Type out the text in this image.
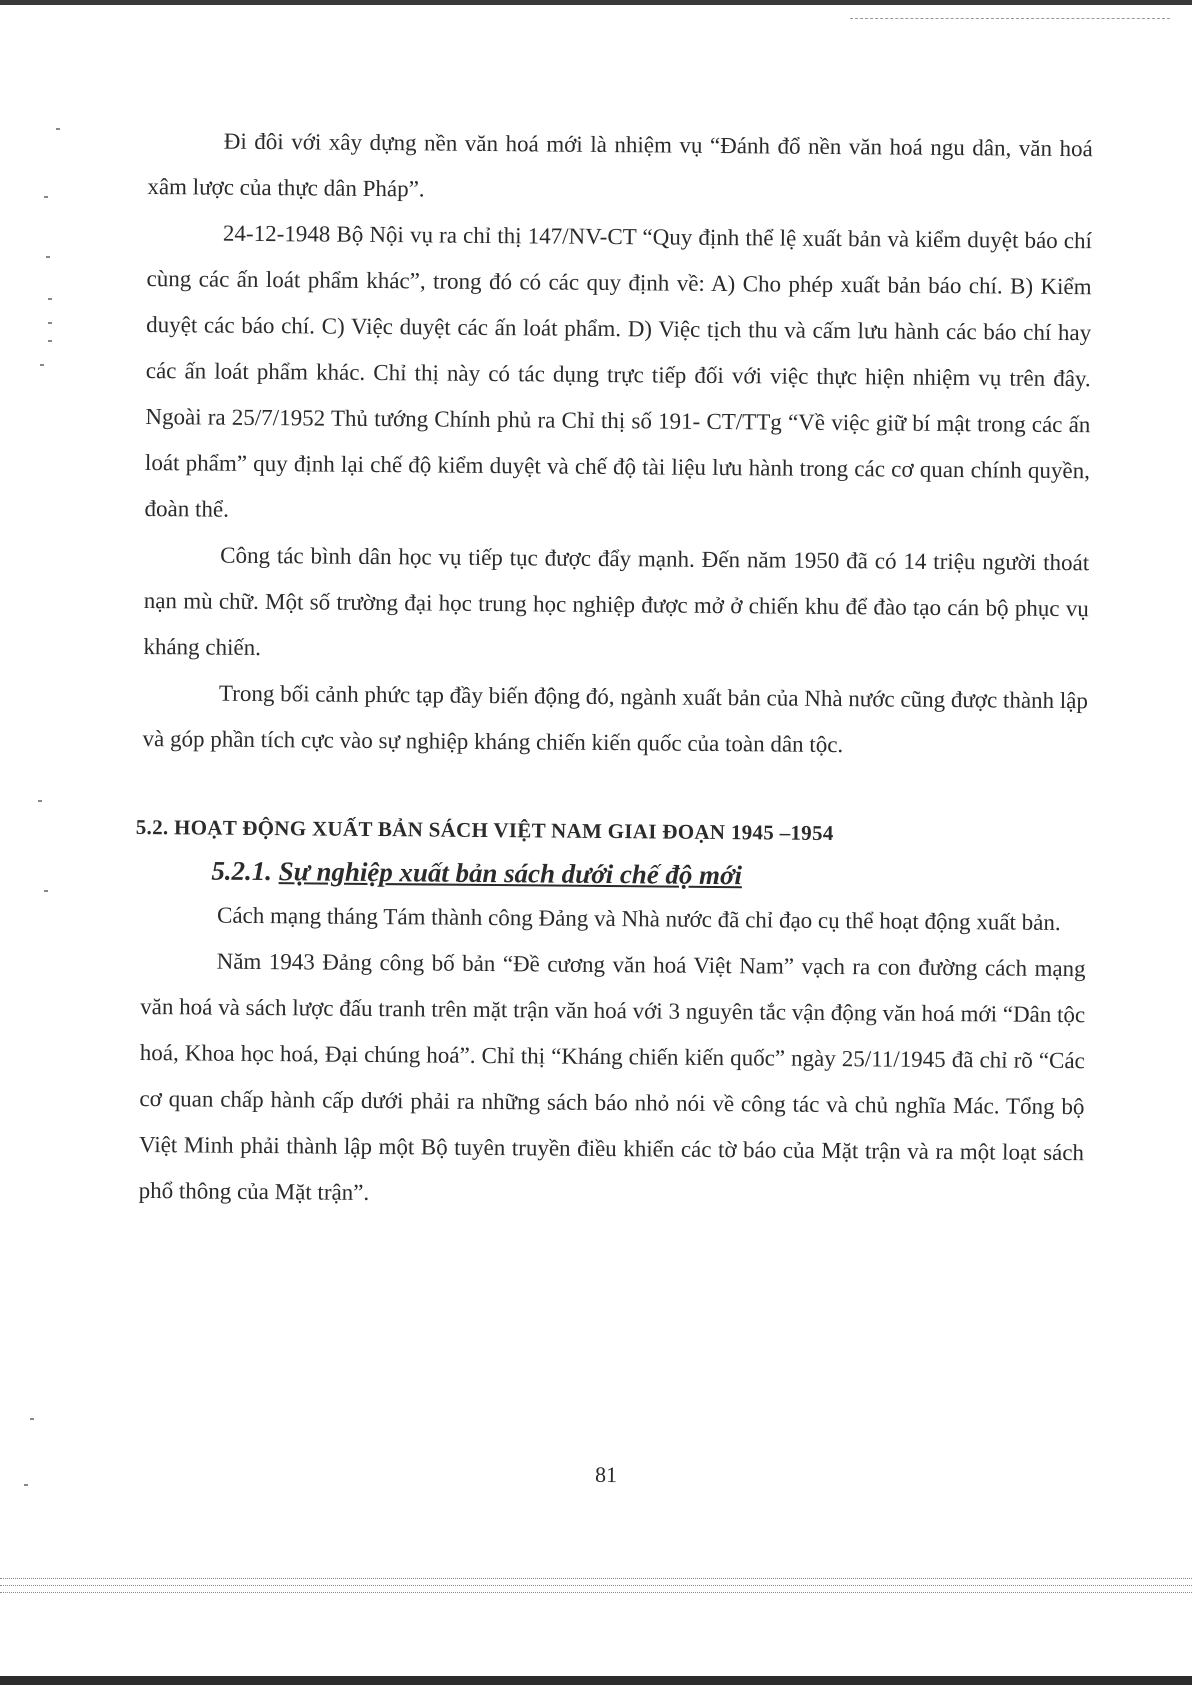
Đi đôi với xây dựng nền văn hoá mới là nhiệm vụ “Đánh đổ nền văn hoá ngu dân, văn hoá xâm lược của thực dân Pháp”.

24-12-1948 Bộ Nội vụ ra chỉ thị 147/NV-CT “Quy định thể lệ xuất bản và kiểm duyệt báo chí cùng các ấn loát phẩm khác”, trong đó có các quy định về: A) Cho phép xuất bản báo chí. B) Kiểm duyệt các báo chí. C) Việc duyệt các ấn loát phẩm. D) Việc tịch thu và cấm lưu hành các báo chí hay các ấn loát phẩm khác. Chỉ thị này có tác dụng trực tiếp đối với việc thực hiện nhiệm vụ trên đây. Ngoài ra 25/7/1952 Thủ tướng Chính phủ ra Chỉ thị số 191- CT/TTg “Về việc giữ bí mật trong các ấn loát phẩm” quy định lại chế độ kiểm duyệt và chế độ tài liệu lưu hành trong các cơ quan chính quyền, đoàn thể.

Công tác bình dân học vụ tiếp tục được đẩy mạnh. Đến năm 1950 đã có 14 triệu người thoát nạn mù chữ. Một số trường đại học trung học nghiệp được mở ở chiến khu để đào tạo cán bộ phục vụ kháng chiến.

Trong bối cảnh phức tạp đầy biến động đó, ngành xuất bản của Nhà nước cũng được thành lập và góp phần tích cực vào sự nghiệp kháng chiến kiến quốc của toàn dân tộc.

5.2. HOẠT ĐỘNG XUẤT BẢN SÁCH VIỆT NAM GIAI ĐOẠN 1945 –1954
5.2.1. Sự nghiệp xuất bản sách dưới chế độ mới

Cách mạng tháng Tám thành công Đảng và Nhà nước đã chỉ đạo cụ thể hoạt động xuất bản.

Năm 1943 Đảng công bố bản “Đề cương văn hoá Việt Nam” vạch ra con đường cách mạng văn hoá và sách lược đấu tranh trên mặt trận văn hoá với 3 nguyên tắc vận động văn hoá mới “Dân tộc hoá, Khoa học hoá, Đại chúng hoá”. Chỉ thị “Kháng chiến kiến quốc” ngày 25/11/1945 đã chỉ rõ “Các cơ quan chấp hành cấp dưới phải ra những sách báo nhỏ nói về công tác và chủ nghĩa Mác. Tổng bộ Việt Minh phải thành lập một Bộ tuyên truyền điều khiển các tờ báo của Mặt trận và ra một loạt sách phổ thông của Mặt trận”.

81
